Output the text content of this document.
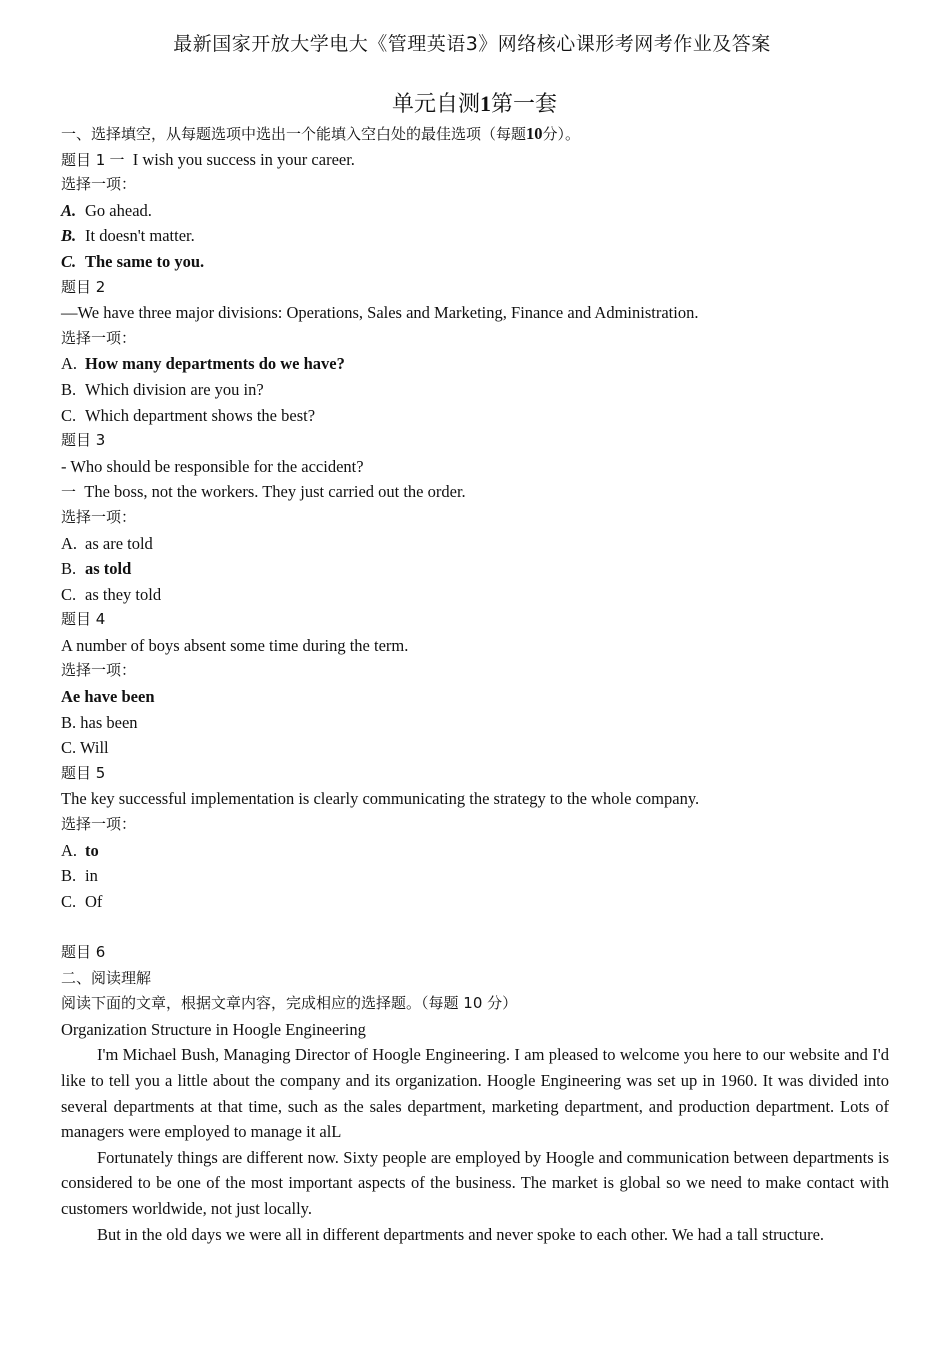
最新国家开放大学电大《管理英语3》网络核心课形考网考作业及答案
单元自测1第一套
一、选择填空，从每题选项中选出一个能填入空白处的最佳选项（每题10分）。
题目 1 一 I wish you success in your career.
选择一项：
A. Go ahead.
B. It doesn't matter.
C. The same to you.
题目 2
—We have three major divisions: Operations, Sales and Marketing, Finance and Administration.
选择一项：
A. How many departments do we have?
B. Which division are you in?
C. Which department shows the best?
题目 3
- Who should be responsible for the accident?
一 The boss, not the workers. They just carried out the order.
选择一项：
A. as are told
B. as told
C. as they told
题目 4
A number of boys absent some time during the term.
选择一项：
Ae have been
B. has been
C. Will
题目 5
The key successful implementation is clearly communicating the strategy to the whole company.
选择一项：
A. to
B. in
C. Of
题目 6
二、阅读理解
阅读下面的文章，根据文章内容，完成相应的选择题。（每题 10 分）
Organization Structure in Hoogle Engineering

I'm Michael Bush, Managing Director of Hoogle Engineering. I am pleased to welcome you here to our website and I'd like to tell you a little about the company and its organization. Hoogle Engineering was set up in 1960. It was divided into several departments at that time, such as the sales department, marketing department, and production department. Lots of managers were employed to manage it alL

Fortunately things are different now. Sixty people are employed by Hoogle and communication between departments is considered to be one of the most important aspects of the business. The market is global so we need to make contact with customers worldwide, not just locally.

But in the old days we were all in different departments and never spoke to each other. We had a tall structure.
